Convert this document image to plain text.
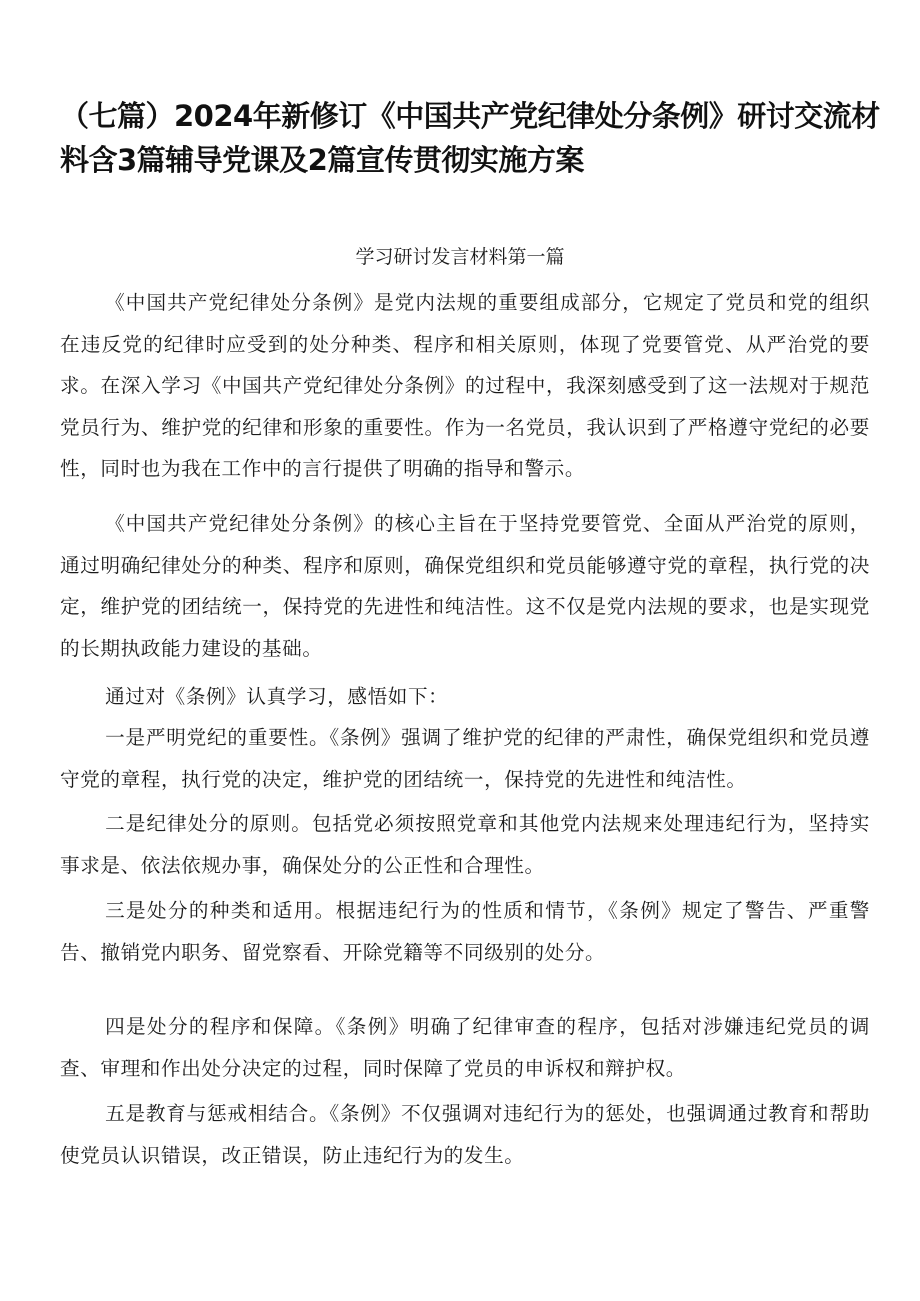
（七篇）2024年新修订《中国共产党纪律处分条例》研讨交流材料含3篇辅导党课及2篇宣传贯彻实施方案
学习研讨发言材料第一篇

《中国共产党纪律处分条例》是党内法规的重要组成部分，它规定了党员和党的组织在违反党的纪律时应受到的处分种类、程序和相关原则，体现了党要管党、从严治党的要求。在深入学习《中国共产党纪律处分条例》的过程中，我深刻感受到了这一法规对于规范党员行为、维护党的纪律和形象的重要性。作为一名党员，我认识到了严格遵守党纪的必要性，同时也为我在工作中的言行提供了明确的指导和警示。

《中国共产党纪律处分条例》的核心主旨在于坚持党要管党、全面从严治党的原则，通过明确纪律处分的种类、程序和原则，确保党组织和党员能够遵守党的章程，执行党的决定，维护党的团结统一，保持党的先进性和纯洁性。这不仅是党内法规的要求，也是实现党的长期执政能力建设的基础。

通过对《条例》认真学习，感悟如下：

一是严明党纪的重要性。《条例》强调了维护党的纪律的严肃性，确保党组织和党员遵守党的章程，执行党的决定，维护党的团结统一，保持党的先进性和纯洁性。

二是纪律处分的原则。包括党必须按照党章和其他党内法规来处理违纪行为，坚持实事求是、依法依规办事，确保处分的公正性和合理性。

三是处分的种类和适用。根据违纪行为的性质和情节，《条例》规定了警告、严重警告、撤销党内职务、留党察看、开除党籍等不同级别的处分。

四是处分的程序和保障。《条例》明确了纪律审查的程序，包括对涉嫌违纪党员的调查、审理和作出处分决定的过程，同时保障了党员的申诉权和辩护权。

五是教育与惩戒相结合。《条例》不仅强调对违纪行为的惩处，也强调通过教育和帮助使党员认识错误，改正错误，防止违纪行为的发生。
